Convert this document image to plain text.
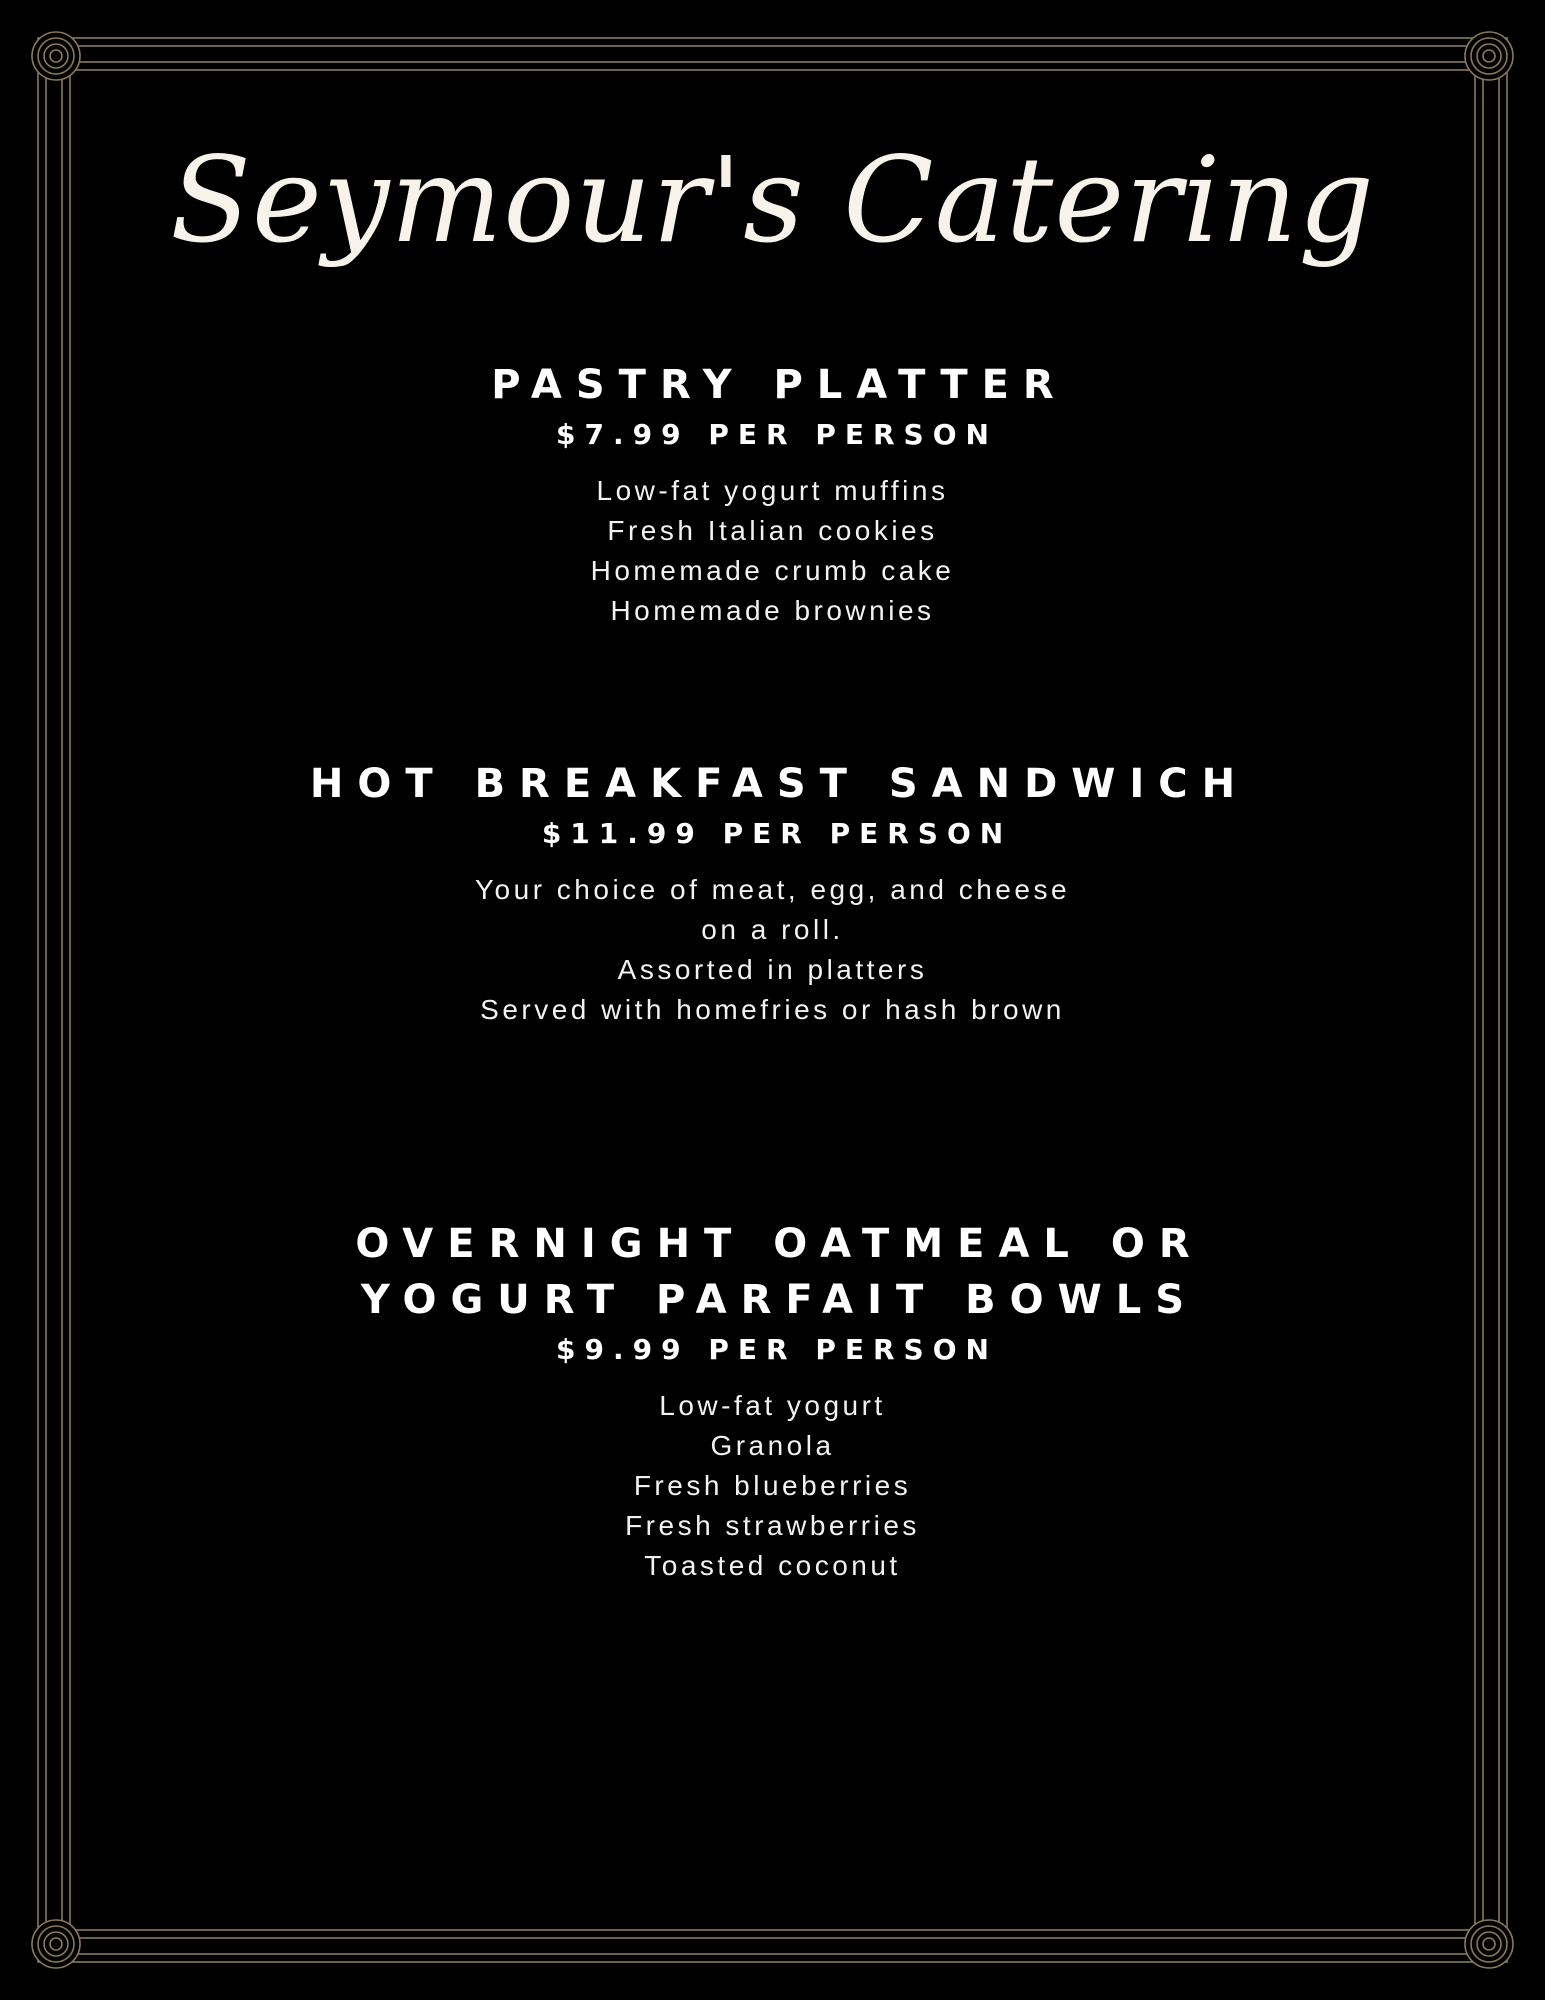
Seymour's Catering

PASTRY PLATTER

$7.99 PER PERSON

Low-fat yogurt muffins
Fresh Italian cookies
Homemade crumb cake
Homemade brownies

HOT BREAKFAST SANDWICH

$11.99 PER PERSON

Your choice of meat, egg, and cheese
on a roll.
Assorted in platters
Served with homefries or hash brown

OVERNIGHT OATMEAL OR

YOGURT PARFAIT BOWLS

$9.99 PER PERSON

Low-fat yogurt
Granola
Fresh blueberries
Fresh strawberries
Toasted coconut
